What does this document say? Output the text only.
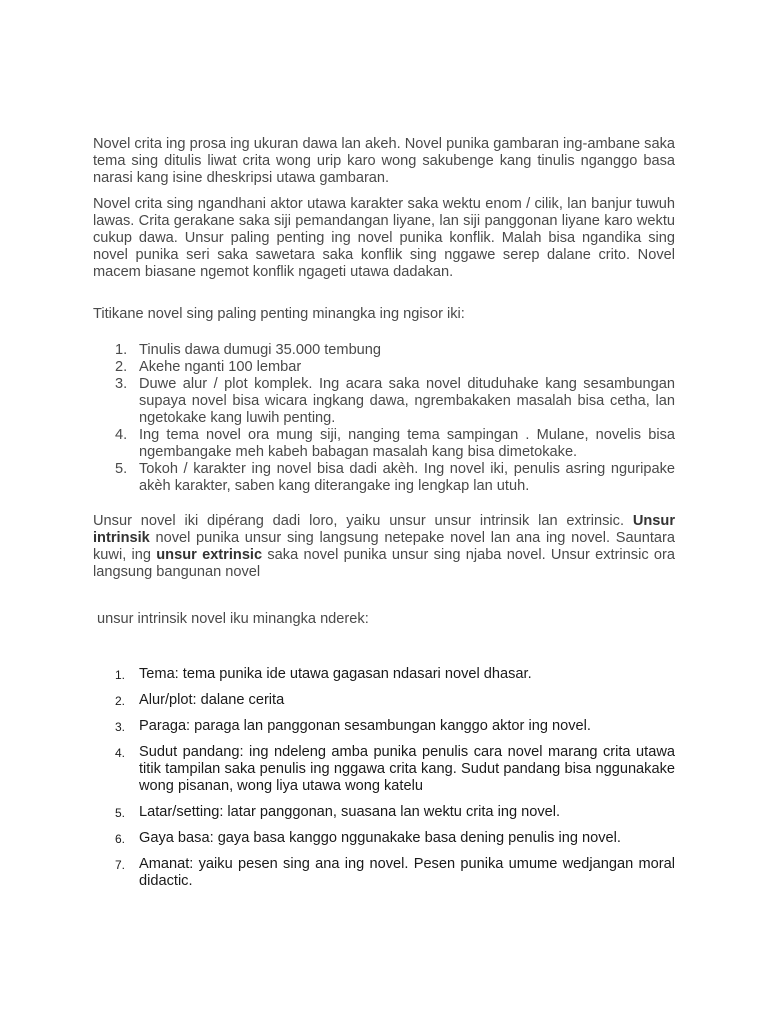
Novel crita ing prosa ing ukuran dawa lan akeh. Novel punika gambaran ing-ambane saka tema sing ditulis liwat crita wong urip karo wong sakubenge kang tinulis nganggo basa narasi kang isine dheskripsi utawa gambaran.

Novel crita sing ngandhani aktor utawa karakter saka wektu enom / cilik, lan banjur tuwuh lawas. Crita gerakane saka siji pemandangan liyane, lan siji panggonan liyane karo wektu cukup dawa. Unsur paling penting ing novel punika konflik. Malah bisa ngandika sing novel punika seri saka sawetara saka konflik sing nggawe serep dalane crito. Novel macem biasane ngemot konflik ngageti utawa dadakan.

Titikane novel sing paling penting minangka ing ngisor iki:

1. Tinulis dawa dumugi 35.000 tembung
2. Akehe nganti 100 lembar
3. Duwe alur / plot komplek. Ing acara saka novel dituduhake kang sesambungan supaya novel bisa wicara ingkang dawa, ngrembakaken masalah bisa cetha, lan ngetokake kang luwih penting.
4. Ing tema novel ora mung siji, nanging tema sampingan . Mulane, novelis bisa ngembangake meh kabeh babagan masalah kang bisa dimetokake.
5. Tokoh / karakter ing novel bisa dadi akèh. Ing novel iki, penulis asring nguripake akèh karakter, saben kang diterangake ing lengkap lan utuh.

Unsur novel iki dipérang dadi loro, yaiku unsur unsur intrinsik lan extrinsic. Unsur intrinsik novel punika unsur sing langsung netepake novel lan ana ing novel. Sauntara kuwi, ing unsur extrinsic saka novel punika unsur sing njaba novel. Unsur extrinsic ora langsung bangunan novel

unsur intrinsik novel iku minangka nderek:

1. Tema: tema punika ide utawa gagasan ndasari novel dhasar.
2. Alur/plot: dalane cerita
3. Paraga: paraga lan panggonan sesambungan kanggo aktor ing novel.
4. Sudut pandang: ing ndeleng amba punika penulis cara novel marang crita utawa titik tampilan saka penulis ing nggawa crita kang. Sudut pandang bisa nggunakake wong pisanan, wong liya utawa wong katelu
5. Latar/setting: latar panggonan, suasana lan wektu crita ing novel.
6. Gaya basa: gaya basa kanggo nggunakake basa dening penulis ing novel.
7. Amanat: yaiku pesen sing ana ing novel. Pesen punika umume wedjangan moral didactic.
